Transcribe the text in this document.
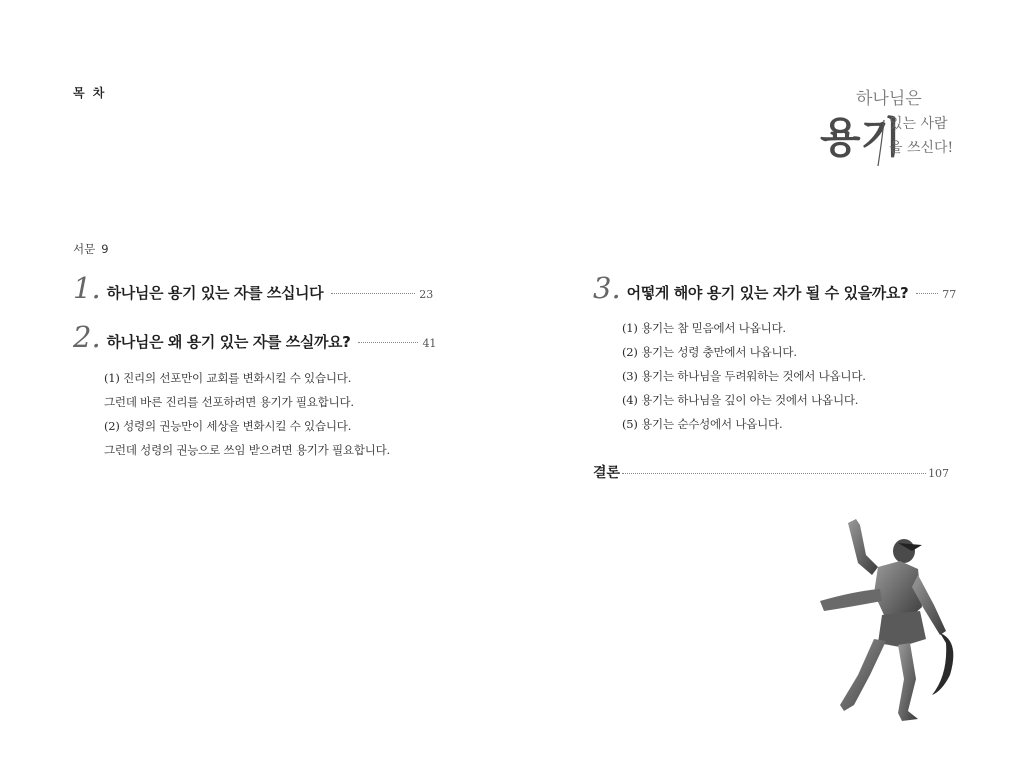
목 차	하나님은
용기
있는 사람
을 쓰신다!
서문 9
1. 하나님은 용기 있는 자를 쓰십니다	23
2. 하나님은 왜 용기 있는 자를 쓰실까요?	41
(1) 진리의 선포만이 교회를 변화시킬 수 있습니다.
그런데 바른 진리를 선포하려면 용기가 필요합니다.
(2) 성령의 권능만이 세상을 변화시킬 수 있습니다.
그런데 성령의 권능으로 쓰임 받으려면 용기가 필요합니다.
3. 어떻게 해야 용기 있는 자가 될 수 있을까요?	77
(1) 용기는 참 믿음에서 나옵니다.
(2) 용기는 성령 충만에서 나옵니다.
(3) 용기는 하나님을 두려워하는 것에서 나옵니다.
(4) 용기는 하나님을 깊이 아는 것에서 나옵니다.
(5) 용기는 순수성에서 나옵니다.
결론	107
